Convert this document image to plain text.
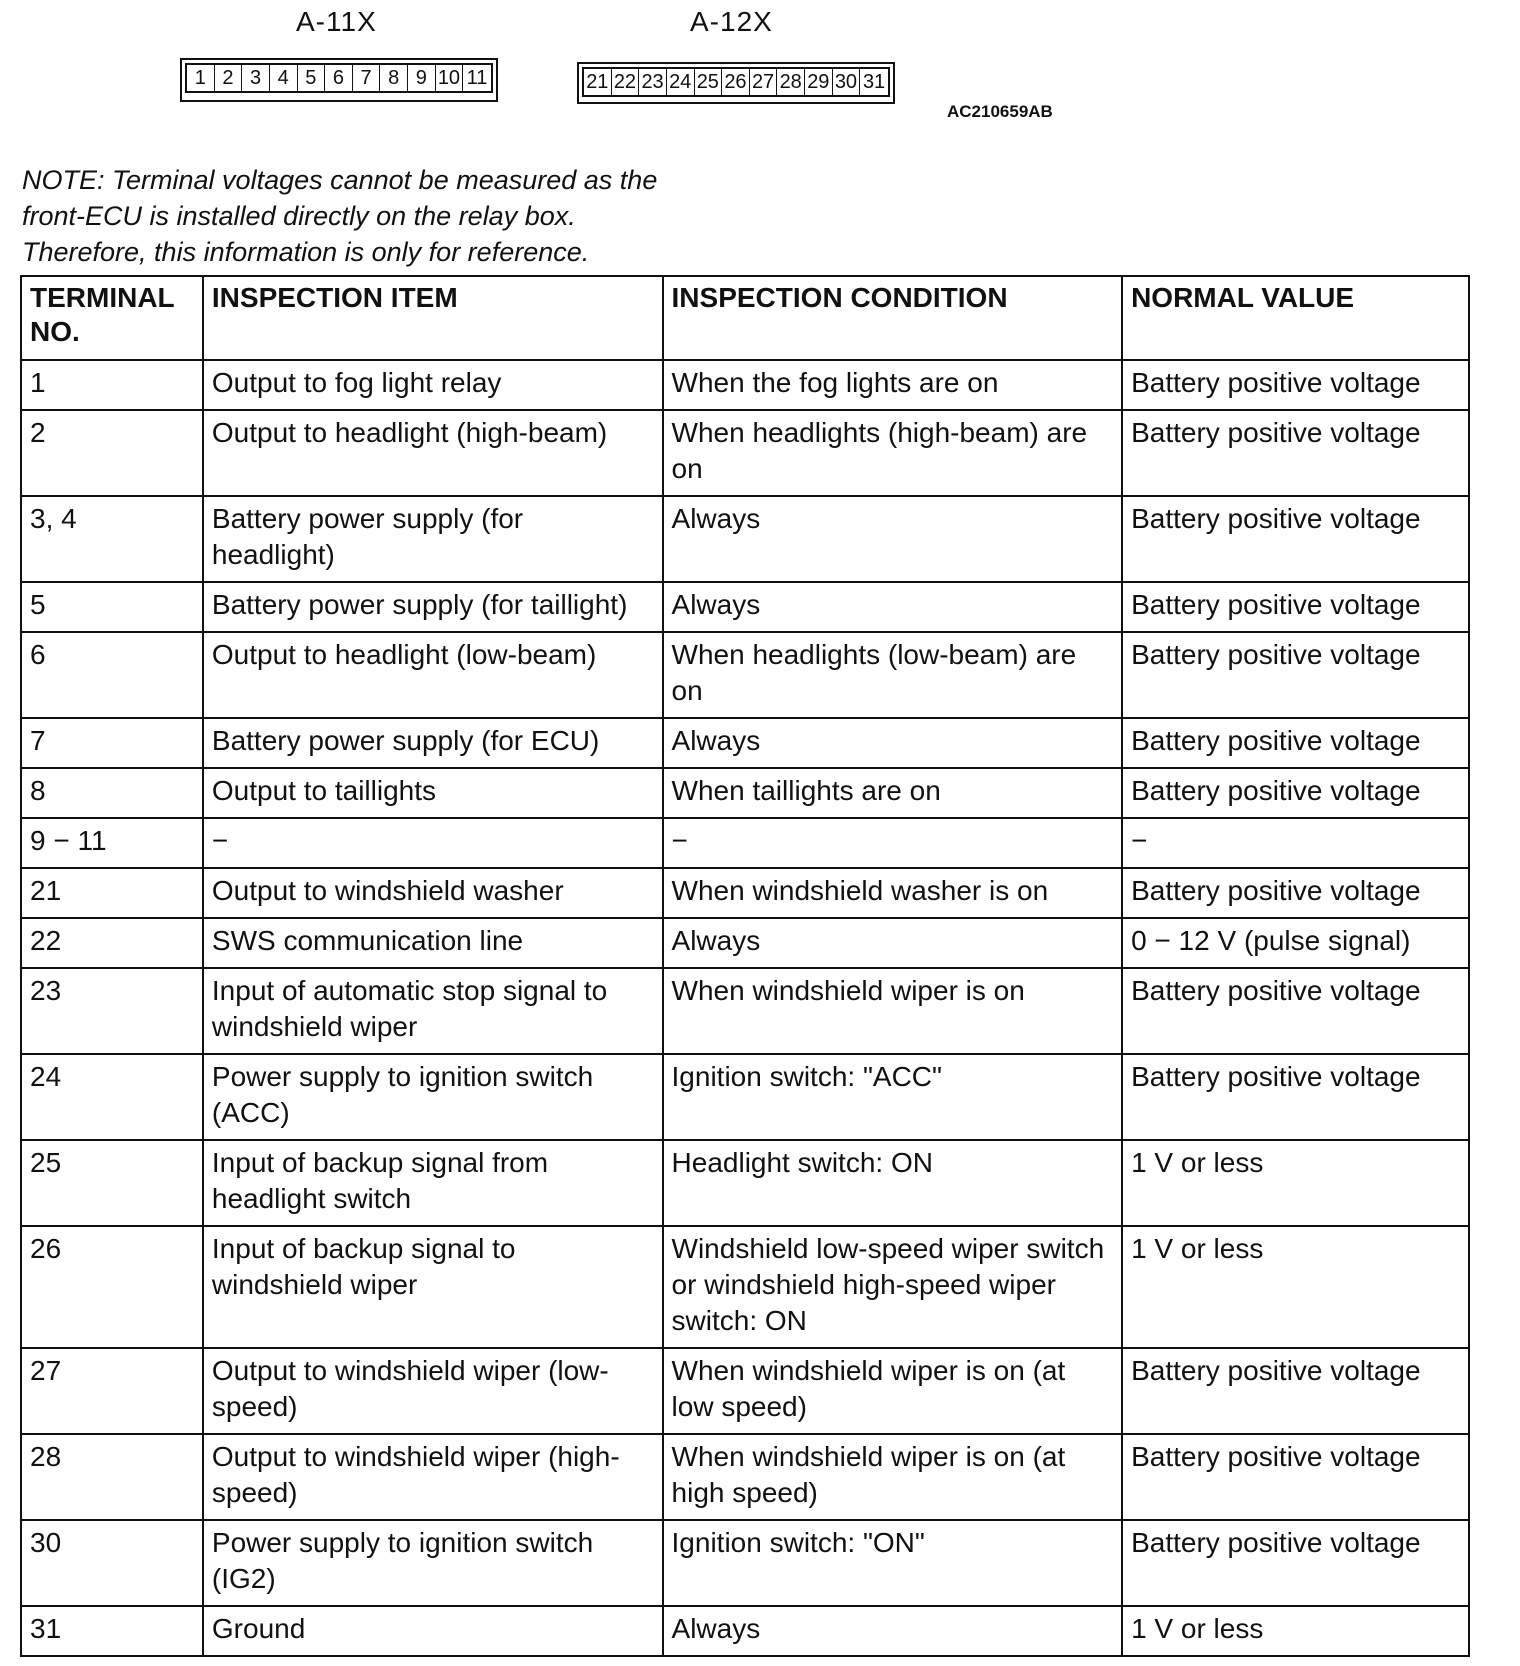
A-11X
1 2 3 4 5 6 7 8 9 10 11
A-12X
21 22 23 24 25 26 27 28 29 30 31
AC210659AB
NOTE: Terminal voltages cannot be measured as the
front-ECU is installed directly on the relay box.
Therefore, this information is only for reference.
TERMINAL NO.	INSPECTION ITEM	INSPECTION CONDITION	NORMAL VALUE
1	Output to fog light relay	When the fog lights are on	Battery positive voltage
2	Output to headlight (high-beam)	When headlights (high-beam) are on	Battery positive voltage
3, 4	Battery power supply (for headlight)	Always	Battery positive voltage
5	Battery power supply (for taillight)	Always	Battery positive voltage
6	Output to headlight (low-beam)	When headlights (low-beam) are on	Battery positive voltage
7	Battery power supply (for ECU)	Always	Battery positive voltage
8	Output to taillights	When taillights are on	Battery positive voltage
9 − 11	−	−	−
21	Output to windshield washer	When windshield washer is on	Battery positive voltage
22	SWS communication line	Always	0 − 12 V (pulse signal)
23	Input of automatic stop signal to windshield wiper	When windshield wiper is on	Battery positive voltage
24	Power supply to ignition switch (ACC)	Ignition switch: "ACC"	Battery positive voltage
25	Input of backup signal from headlight switch	Headlight switch: ON	1 V or less
26	Input of backup signal to windshield wiper	Windshield low-speed wiper switch or windshield high-speed wiper switch: ON	1 V or less
27	Output to windshield wiper (low-speed)	When windshield wiper is on (at low speed)	Battery positive voltage
28	Output to windshield wiper (high-speed)	When windshield wiper is on (at high speed)	Battery positive voltage
30	Power supply to ignition switch (IG2)	Ignition switch: "ON"	Battery positive voltage
31	Ground	Always	1 V or less
